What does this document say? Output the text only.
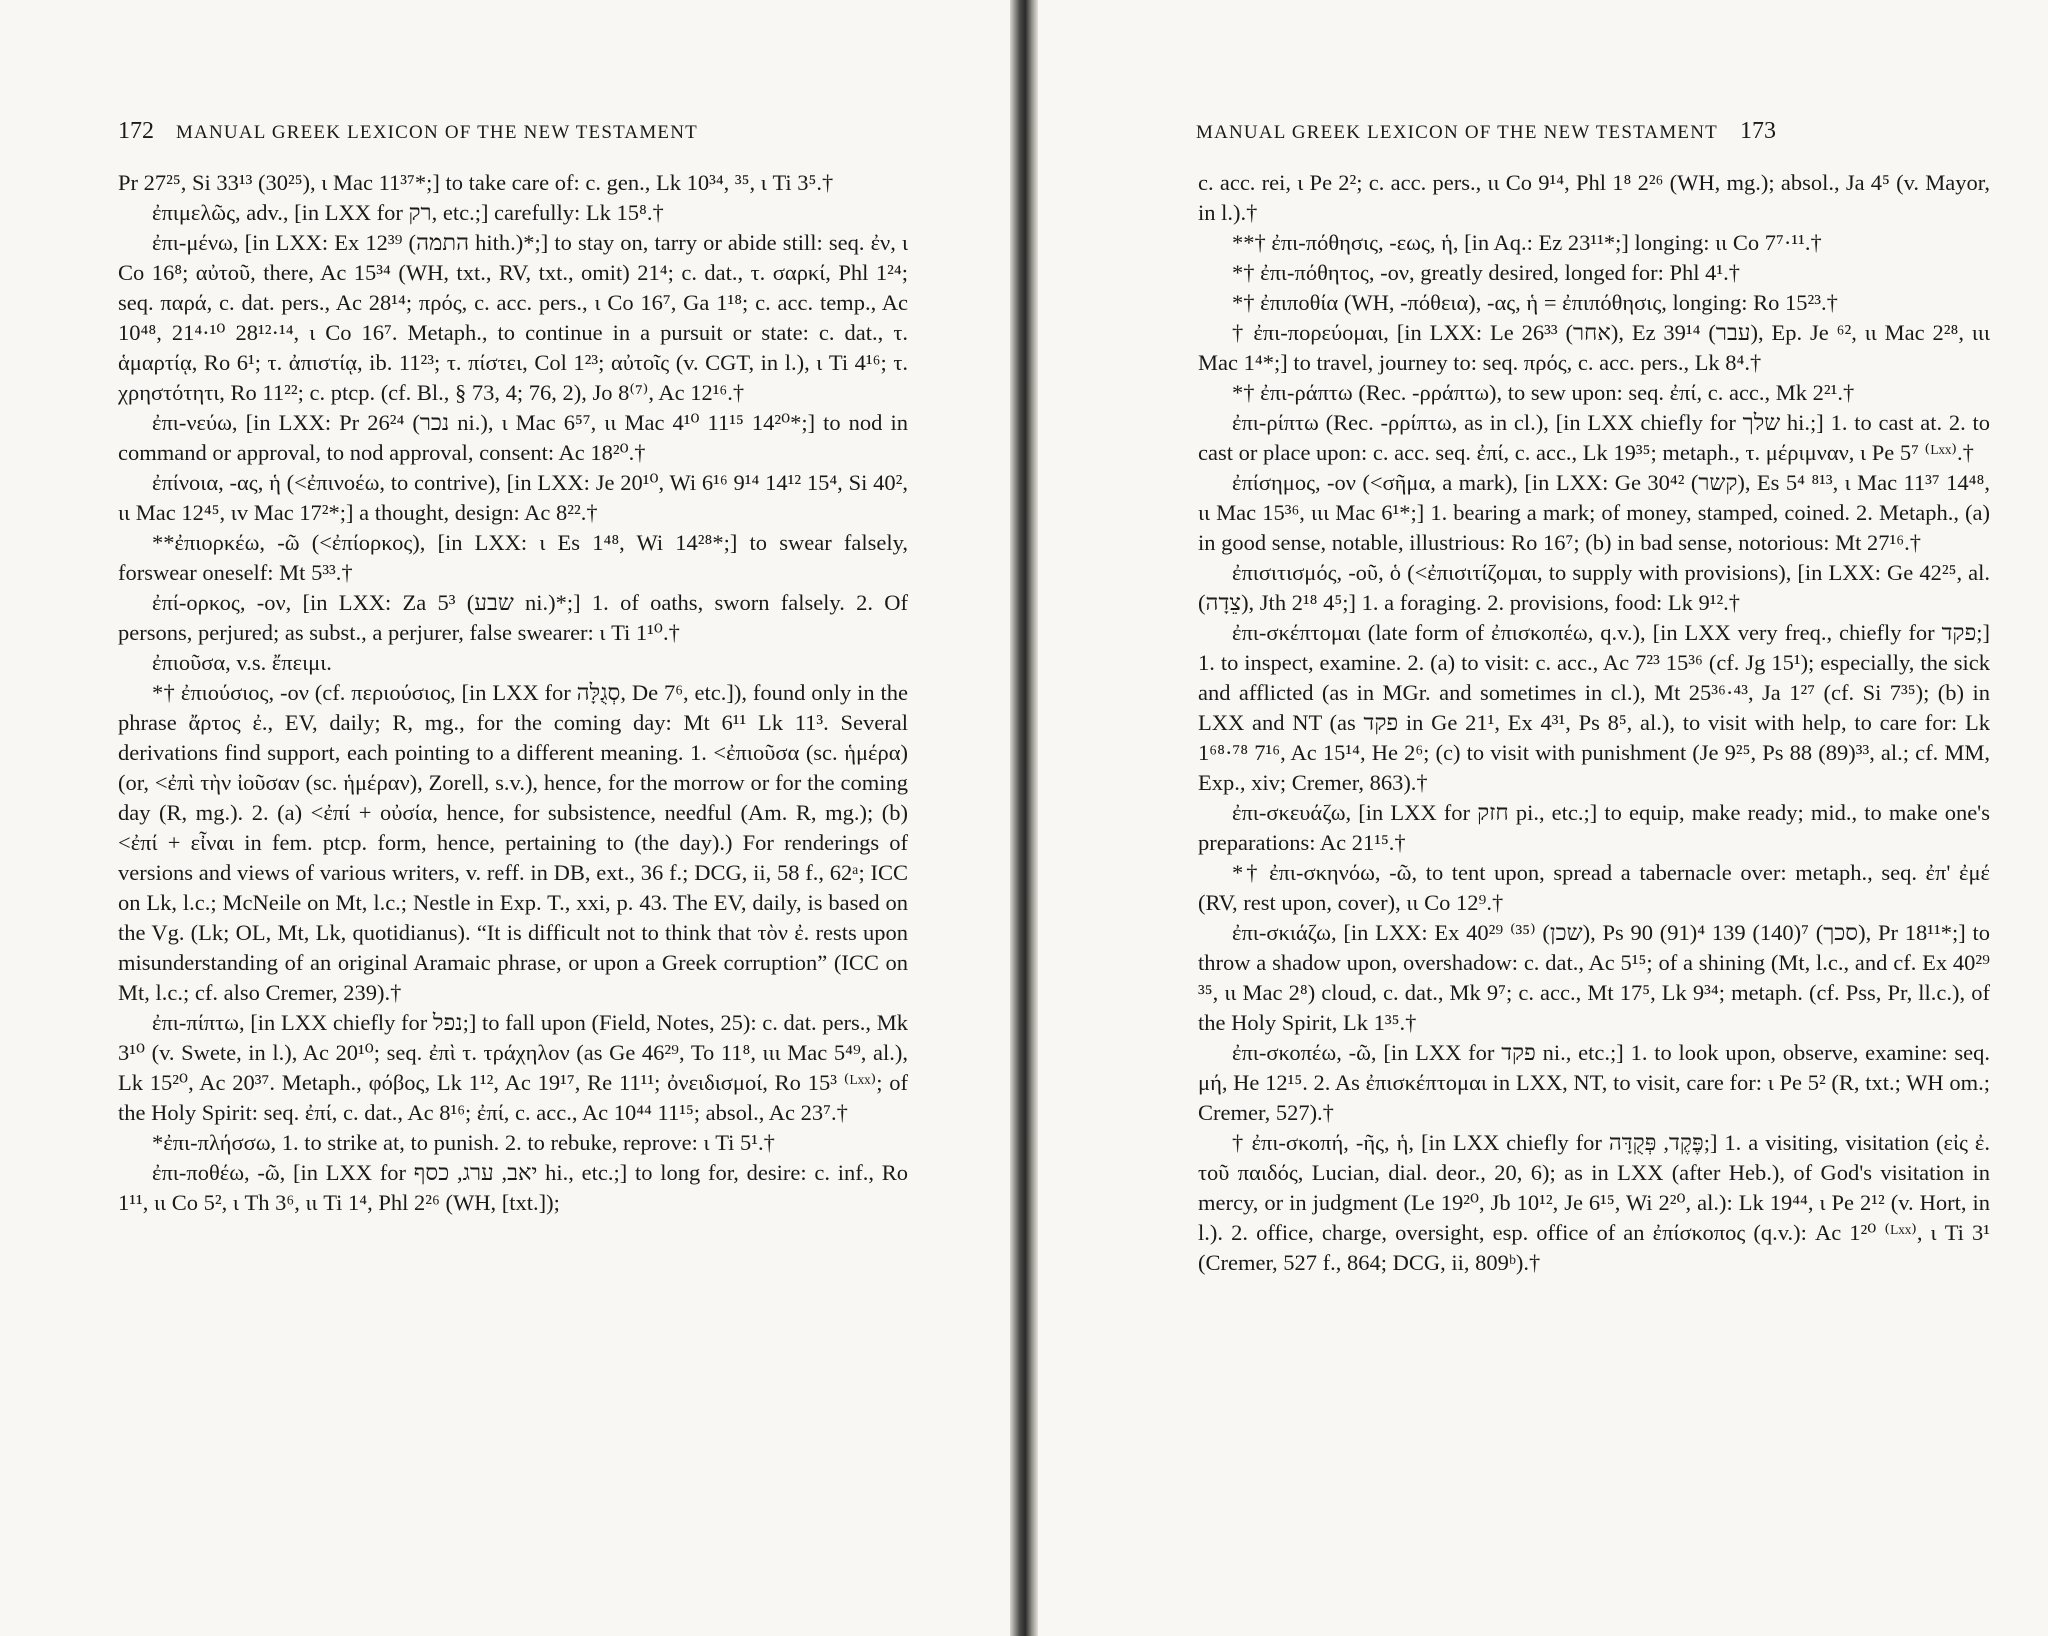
172 MANUAL GREEK LEXICON OF THE NEW TESTAMENT

Pr 27²⁵, Si 33¹³ (30²⁵), ι Mac 11³⁷*;] to take care of: c. gen., Lk 10³⁴, ³⁵, ι Ti 3⁵.†

ἐπιμελῶς, adv., [in LXX for רק, etc.;] carefully: Lk 15⁸.†

ἐπι-μένω, [in LXX: Ex 12³⁹ (התמה hith.)*;] to stay on, tarry or abide still: seq. ἐν, ι Co 16⁸; αὐτοῦ, there, Ac 15³⁴ (WH, txt., RV, txt., omit) 21⁴; c. dat., τ. σαρκί, Phl 1²⁴; seq. παρά, c. dat. pers., Ac 28¹⁴; πρός, c. acc. pers., ι Co 16⁷, Ga 1¹⁸; c. acc. temp., Ac 10⁴⁸, 21⁴·¹⁰ 28¹²·¹⁴, ι Co 16⁷. Metaph., to continue in a pursuit or state: c. dat., τ. ἁμαρτίᾳ, Ro 6¹; τ. ἀπιστίᾳ, ib. 11²³; τ. πίστει, Col 1²³; αὐτοῖς (v. CGT, in l.), ι Ti 4¹⁶; τ. χρηστότητι, Ro 11²²; c. ptcp. (cf. Bl., § 73, 4; 76, 2), Jo 8⁽⁷⁾, Ac 12¹⁶.†

ἐπι-νεύω, [in LXX: Pr 26²⁴ (נכר ni.), ι Mac 6⁵⁷, ιι Mac 4¹⁰ 11¹⁵ 14²⁰*;] to nod in command or approval, to nod approval, consent: Ac 18²⁰.†

ἐπίνοια, -ας, ἡ (<ἐπινοέω, to contrive), [in LXX: Je 20¹⁰, Wi 6¹⁶ 9¹⁴ 14¹² 15⁴, Si 40², ιι Mac 12⁴⁵, ιv Mac 17²*;] a thought, design: Ac 8²².†

**ἐπιορκέω, -ῶ (<ἐπίορκος), [in LXX: ι Es 1⁴⁸, Wi 14²⁸*;] to swear falsely, forswear oneself: Mt 5³³.†

ἐπί-ορκος, -ον, [in LXX: Za 5³ (שבע ni.)*;] 1. of oaths, sworn falsely. 2. Of persons, perjured; as subst., a perjurer, false swearer: ι Ti 1¹⁰.†

ἐπιοῦσα, v.s. ἔπειμι.

*† ἐπιούσιος, -ον (cf. περιούσιος, [in LXX for סְגֻלָּה, De 7⁶, etc.]), found only in the phrase ἄρτος ἐ., EV, daily; R, mg., for the coming day: Mt 6¹¹ Lk 11³. Several derivations find support, each pointing to a different meaning. 1. <ἐπιοῦσα (sc. ἡμέρα) (or, <ἐπὶ τὴν ἰοῦσαν (sc. ἡμέραν), Zorell, s.v.), hence, for the morrow or for the coming day (R, mg.). 2. (a) <ἐπί + οὐσία, hence, for subsistence, needful (Am. R, mg.); (b) <ἐπί + εἶναι in fem. ptcp. form, hence, pertaining to (the day).) For renderings of versions and views of various writers, v. reff. in DB, ext., 36 f.; DCG, ii, 58 f., 62ᵃ; ICC on Lk, l.c.; McNeile on Mt, l.c.; Nestle in Exp. T., xxi, p. 43. The EV, daily, is based on the Vg. (Lk; OL, Mt, Lk, quotidianus). “It is difficult not to think that τὸν ἐ. rests upon misunderstanding of an original Aramaic phrase, or upon a Greek corruption” (ICC on Mt, l.c.; cf. also Cremer, 239).†

ἐπι-πίπτω, [in LXX chiefly for נפל;] to fall upon (Field, Notes, 25): c. dat. pers., Mk 3¹⁰ (v. Swete, in l.), Ac 20¹⁰; seq. ἐπὶ τ. τράχηλον (as Ge 46²⁹, To 11⁸, ιιι Mac 5⁴⁹, al.), Lk 15²⁰, Ac 20³⁷. Metaph., φόβος, Lk 1¹², Ac 19¹⁷, Re 11¹¹; ὀνειδισμοί, Ro 15³ ⁽ᴸˣˣ⁾; of the Holy Spirit: seq. ἐπί, c. dat., Ac 8¹⁶; ἐπί, c. acc., Ac 10⁴⁴ 11¹⁵; absol., Ac 23⁷.†

*ἐπι-πλήσσω, 1. to strike at, to punish. 2. to rebuke, reprove: ι Ti 5¹.†

ἐπι-ποθέω, -ῶ, [in LXX for יאב, ערג, כסף hi., etc.;] to long for, desire: c. inf., Ro 1¹¹, ιι Co 5², ι Th 3⁶, ιι Ti 1⁴, Phl 2²⁶ (WH, [txt.]);

MANUAL GREEK LEXICON OF THE NEW TESTAMENT 173

c. acc. rei, ι Pe 2²; c. acc. pers., ιι Co 9¹⁴, Phl 1⁸ 2²⁶ (WH, mg.); absol., Ja 4⁵ (v. Mayor, in l.).†

**† ἐπι-πόθησις, -εως, ἡ, [in Aq.: Ez 23¹¹*;] longing: ιι Co 7⁷·¹¹.†

*† ἐπι-πόθητος, -ον, greatly desired, longed for: Phl 4¹.†

*† ἐπιποθία (WH, -πόθεια), -ας, ἡ = ἐπιπόθησις, longing: Ro 15²³.†

† ἐπι-πορεύομαι, [in LXX: Le 26³³ (אחר), Ez 39¹⁴ (עבר), Ep. Je ⁶², ιι Mac 2²⁸, ιιι Mac 1⁴*;] to travel, journey to: seq. πρός, c. acc. pers., Lk 8⁴.†

*† ἐπι-ράπτω (Rec. -ρράπτω), to sew upon: seq. ἐπί, c. acc., Mk 2²¹.†

ἐπι-ρίπτω (Rec. -ρρίπτω, as in cl.), [in LXX chiefly for שלך hi.;] 1. to cast at. 2. to cast or place upon: c. acc. seq. ἐπί, c. acc., Lk 19³⁵; metaph., τ. μέριμναν, ι Pe 5⁷ ⁽ᴸˣˣ⁾.†

ἐπίσημος, -ον (<σῆμα, a mark), [in LXX: Ge 30⁴² (קשר), Es 5⁴ ⁸¹³, ι Mac 11³⁷ 14⁴⁸, ιι Mac 15³⁶, ιιι Mac 6¹*;] 1. bearing a mark; of money, stamped, coined. 2. Metaph., (a) in good sense, notable, illustrious: Ro 16⁷; (b) in bad sense, notorious: Mt 27¹⁶.†

ἐπισιτισμός, -οῦ, ὁ (<ἐπισιτίζομαι, to supply with provisions), [in LXX: Ge 42²⁵, al. (צֵדָה), Jth 2¹⁸ 4⁵;] 1. a foraging. 2. provisions, food: Lk 9¹².†

ἐπι-σκέπτομαι (late form of ἐπισκοπέω, q.v.), [in LXX very freq., chiefly for פקד;] 1. to inspect, examine. 2. (a) to visit: c. acc., Ac 7²³ 15³⁶ (cf. Jg 15¹); especially, the sick and afflicted (as in MGr. and sometimes in cl.), Mt 25³⁶·⁴³, Ja 1²⁷ (cf. Si 7³⁵); (b) in LXX and NT (as פקד in Ge 21¹, Ex 4³¹, Ps 8⁵, al.), to visit with help, to care for: Lk 1⁶⁸·⁷⁸ 7¹⁶, Ac 15¹⁴, He 2⁶; (c) to visit with punishment (Je 9²⁵, Ps 88 (89)³³, al.; cf. MM, Exp., xiv; Cremer, 863).†

ἐπι-σκευάζω, [in LXX for חזק pi., etc.;] to equip, make ready; mid., to make one's preparations: Ac 21¹⁵.†

*† ἐπι-σκηνόω, -ῶ, to tent upon, spread a tabernacle over: metaph., seq. ἐπ' ἐμέ (RV, rest upon, cover), ιι Co 12⁹.†

ἐπι-σκιάζω, [in LXX: Ex 40²⁹ ⁽³⁵⁾ (שכן), Ps 90 (91)⁴ 139 (140)⁷ (סכך), Pr 18¹¹*;] to throw a shadow upon, overshadow: c. dat., Ac 5¹⁵; of a shining (Mt, l.c., and cf. Ex 40²⁹ ³⁵, ιι Mac 2⁸) cloud, c. dat., Mk 9⁷; c. acc., Mt 17⁵, Lk 9³⁴; metaph. (cf. Pss, Pr, ll.c.), of the Holy Spirit, Lk 1³⁵.†

ἐπι-σκοπέω, -ῶ, [in LXX for פקד ni., etc.;] 1. to look upon, observe, examine: seq. μή, He 12¹⁵. 2. As ἐπισκέπτομαι in LXX, NT, to visit, care for: ι Pe 5² (R, txt.; WH om.; Cremer, 527).†

† ἐπι-σκοπή, -ῆς, ἡ, [in LXX chiefly for פֶּקֶד, פְּקֻדָּה;] 1. a visiting, visitation (εἰς ἐ. τοῦ παιδός, Lucian, dial. deor., 20, 6); as in LXX (after Heb.), of God's visitation in mercy, or in judgment (Le 19²⁰, Jb 10¹², Je 6¹⁵, Wi 2²⁰, al.): Lk 19⁴⁴, ι Pe 2¹² (v. Hort, in l.). 2. office, charge, oversight, esp. office of an ἐπίσκοπος (q.v.): Ac 1²⁰ ⁽ᴸˣˣ⁾, ι Ti 3¹ (Cremer, 527 f., 864; DCG, ii, 809ᵇ).†
